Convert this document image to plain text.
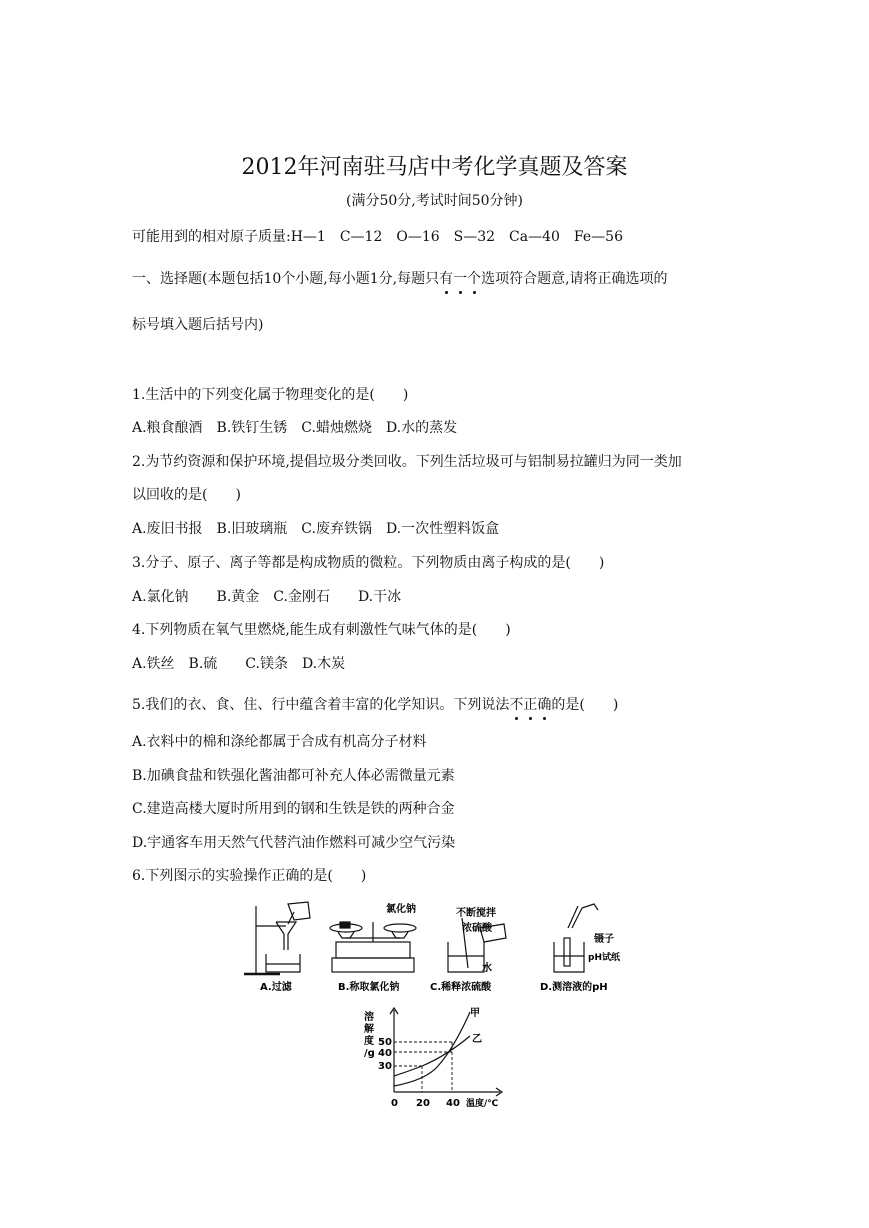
2012年河南驻马店中考化学真题及答案
(满分50分,考试时间50分钟)
可能用到的相对原子质量:H—1　C—12　O—16　S—32　Ca—40　Fe—56
一、选择题(本题包括10个小题,每小题1分,每题只有一个选项符合题意,请将正确选项的
标号填入题后括号内)
1.生活中的下列变化属于物理变化的是(　　)
A.粮食酿酒　B.铁钉生锈　C.蜡烛燃烧　D.水的蒸发
2.为节约资源和保护环境,提倡垃圾分类回收。下列生活垃圾可与铝制易拉罐归为同一类加
以回收的是(　　)
A.废旧书报　B.旧玻璃瓶　C.废弃铁锅　D.一次性塑料饭盒
3.分子、原子、离子等都是构成物质的微粒。下列物质由离子构成的是(　　)
A.氯化钠　　B.黄金　C.金刚石　　D.干冰
4.下列物质在氧气里燃烧,能生成有刺激性气味气体的是(　　)
A.铁丝　B.硫　　C.镁条　D.木炭
5.我们的衣、食、住、行中蕴含着丰富的化学知识。下列说法不正确的是(　　)
A.衣料中的棉和涤纶都属于合成有机高分子材料
B.加碘食盐和铁强化酱油都可补充人体必需微量元素
C.建造高楼大厦时所用到的钢和生铁是铁的两种合金
D.宇通客车用天然气代替汽油作燃料可减少空气污染
6.下列图示的实验操作正确的是(　　)
A.过滤
氯化钠
B.称取氯化钠
不断搅拌
浓硫酸
水
C.稀释浓硫酸
镊子
pH试纸
D.测溶液的pH
溶
解
度
/g
50
40
30
0 20 40 温度/℃
甲
乙
